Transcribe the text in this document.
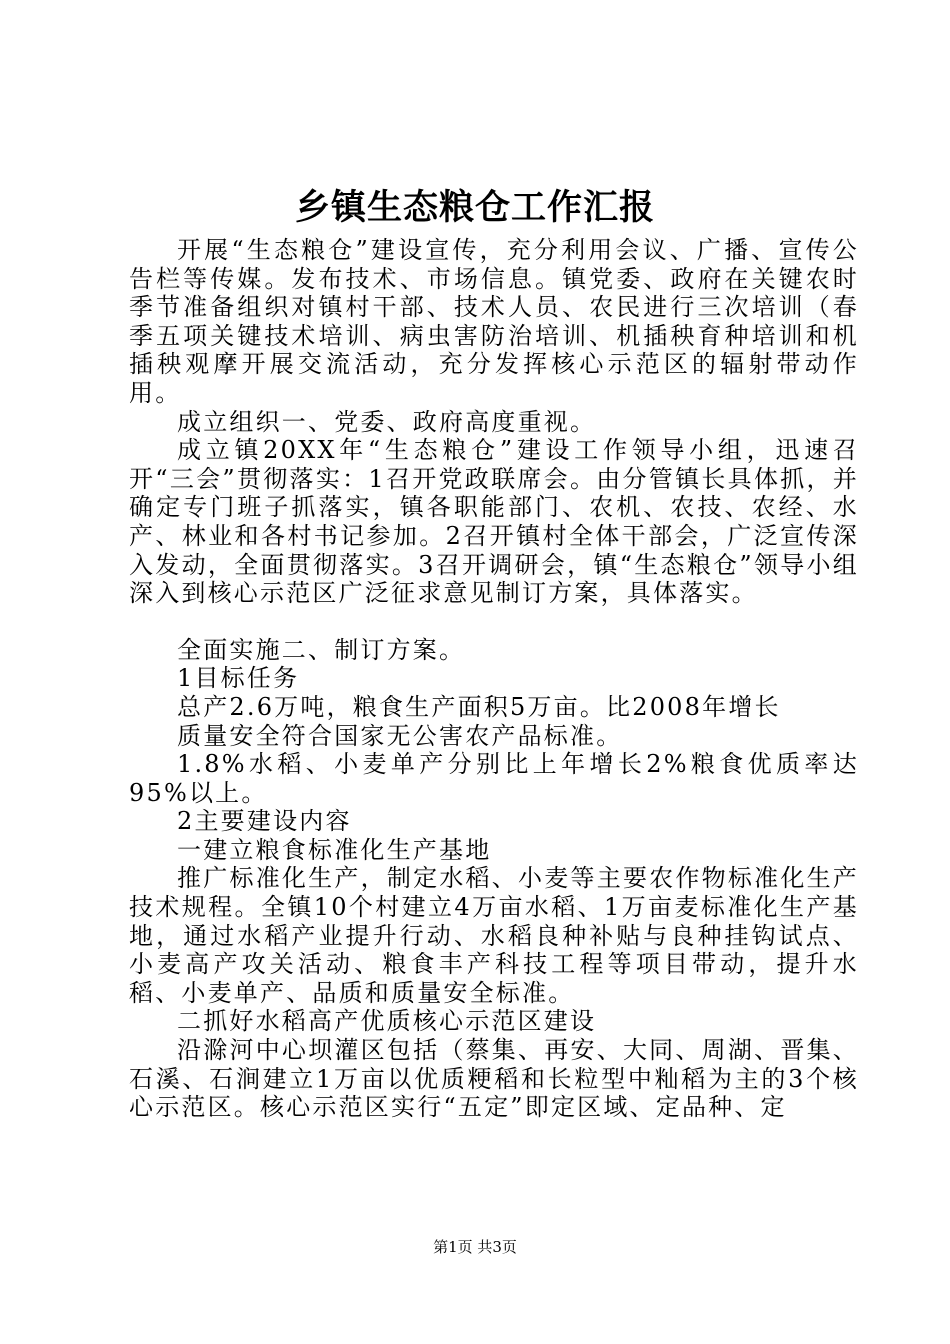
乡镇生态粮仓工作汇报

开展“生态粮仓”建设宣传，充分利用会议、广播、宣传公告栏等传媒。发布技术、市场信息。镇党委、政府在关键农时季节准备组织对镇村干部、技术人员、农民进行三次培训（春季五项关键技术培训、病虫害防治培训、机插秧育种培训和机插秧观摩开展交流活动，充分发挥核心示范区的辐射带动作用。

成立组织一、党委、政府高度重视。

成立镇20XX年“生态粮仓”建设工作领导小组，迅速召开“三会”贯彻落实：1召开党政联席会。由分管镇长具体抓，并确定专门班子抓落实，镇各职能部门、农机、农技、农经、水产、林业和各村书记参加。2召开镇村全体干部会，广泛宣传深入发动，全面贯彻落实。3召开调研会，镇“生态粮仓”领导小组深入到核心示范区广泛征求意见制订方案，具体落实。

全面实施二、制订方案。

1目标任务

总产2.6万吨，粮食生产面积5万亩。比2008年增长

质量安全符合国家无公害农产品标准。

1.8%水稻、小麦单产分别比上年增长2%粮食优质率达95%以上。

2主要建设内容

一建立粮食标准化生产基地

推广标准化生产，制定水稻、小麦等主要农作物标准化生产技术规程。全镇10个村建立4万亩水稻、1万亩麦标准化生产基地，通过水稻产业提升行动、水稻良种补贴与良种挂钩试点、小麦高产攻关活动、粮食丰产科技工程等项目带动，提升水稻、小麦单产、品质和质量安全标准。

二抓好水稻高产优质核心示范区建设

沿滁河中心坝灌区包括（蔡集、再安、大同、周湖、晋集、石溪、石涧建立1万亩以优质粳稻和长粒型中籼稻为主的3个核心示范区。核心示范区实行“五定”即定区域、定品种、定

第1页 共3页
